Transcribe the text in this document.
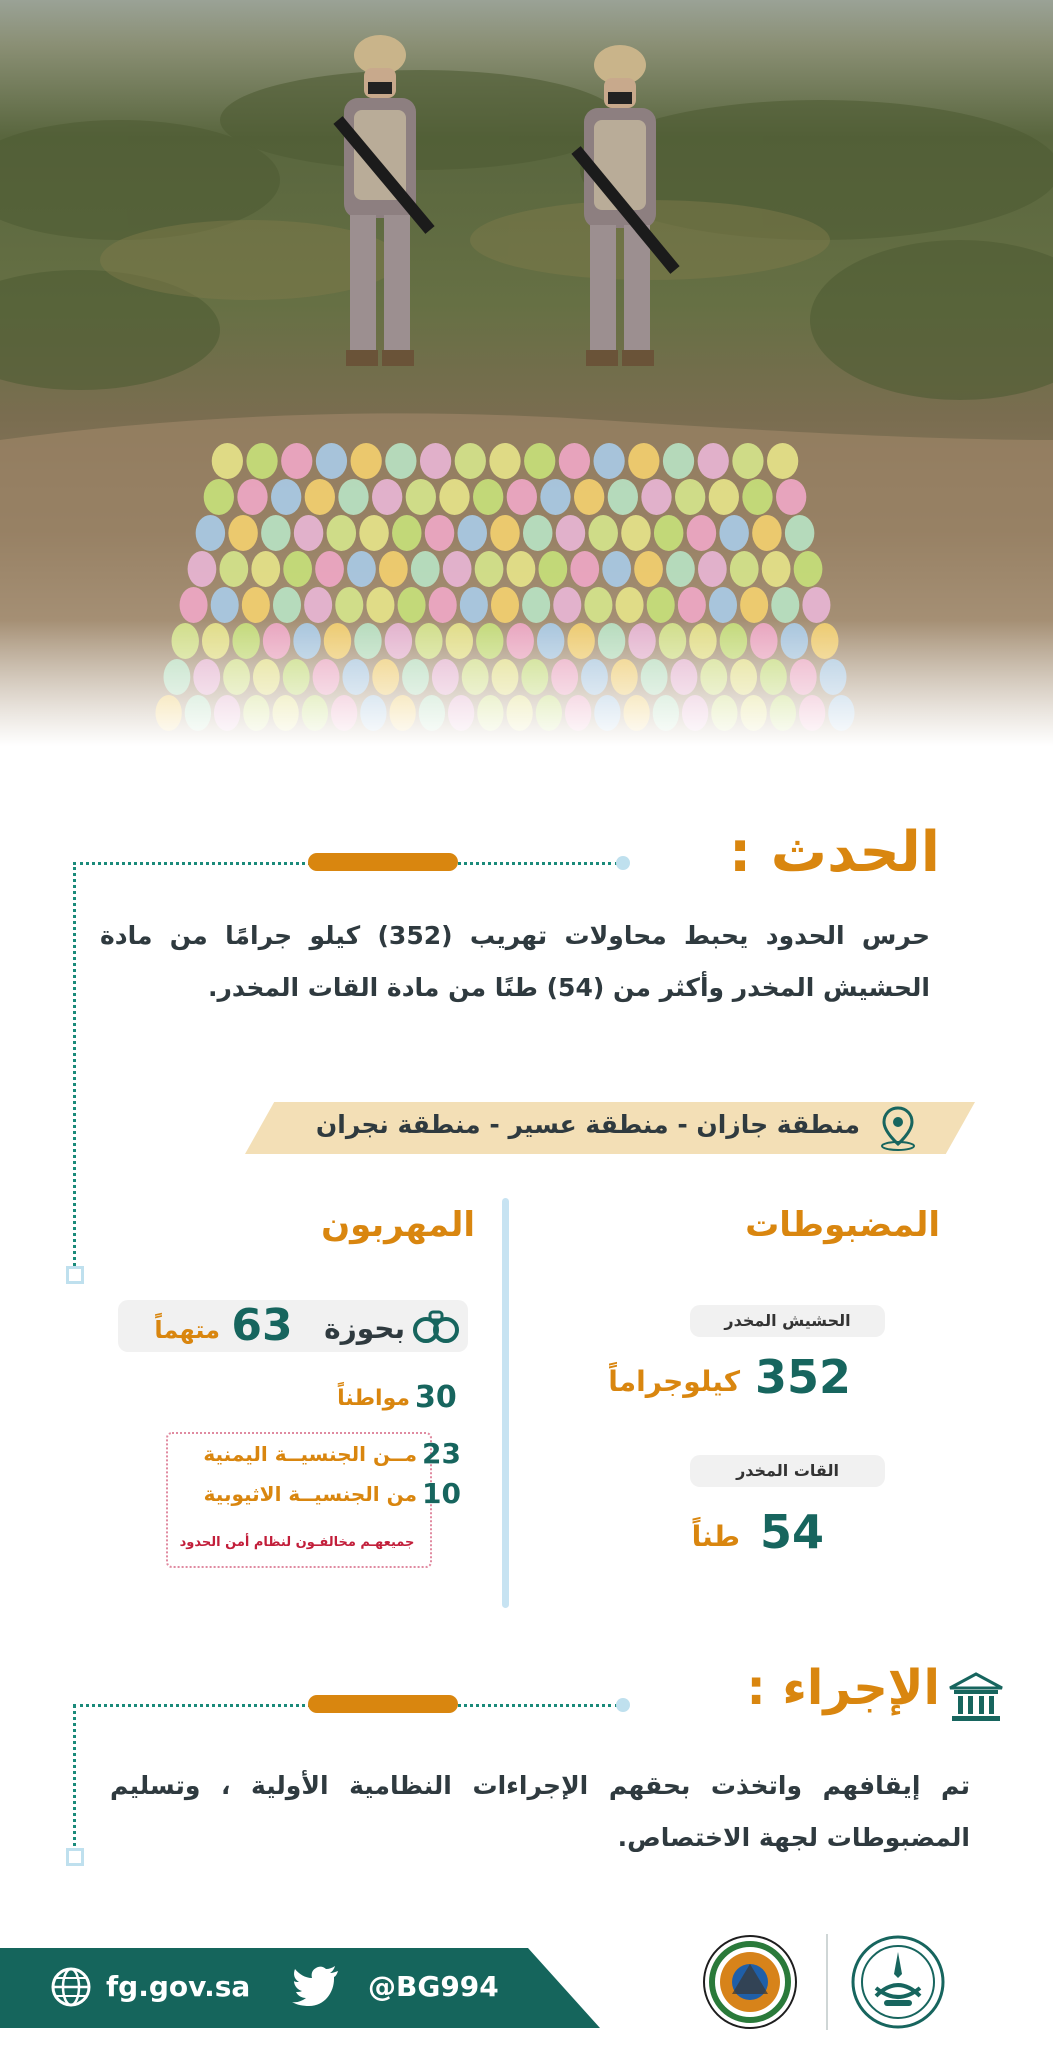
الحدث :
حرس الحدود يحبط محاولات تهريب (352) كيلو جرامًا من مادة الحشيش المخدر وأكثر من (54) طنًا من مادة القات المخدر.
منطقة جازان - منطقة عسير - منطقة نجران
المضبوطات
الحشيش المخدر
352
كيلوجراماً
القات المخدر
54
طناً
المهربون
بحوزة
63
متهماً
30
مواطناً
23
مــن الجنسيــة اليمنية
10
من الجنسيــة الاثيوبية
جميعهـم مخالفـون لنظام أمن الحدود
الإجراء :
تم إيقافهم واتخذت بحقهم الإجراءات النظامية الأولية ، وتسليم المضبوطات لجهة الاختصاص.
fg.gov.sa	@BG994
